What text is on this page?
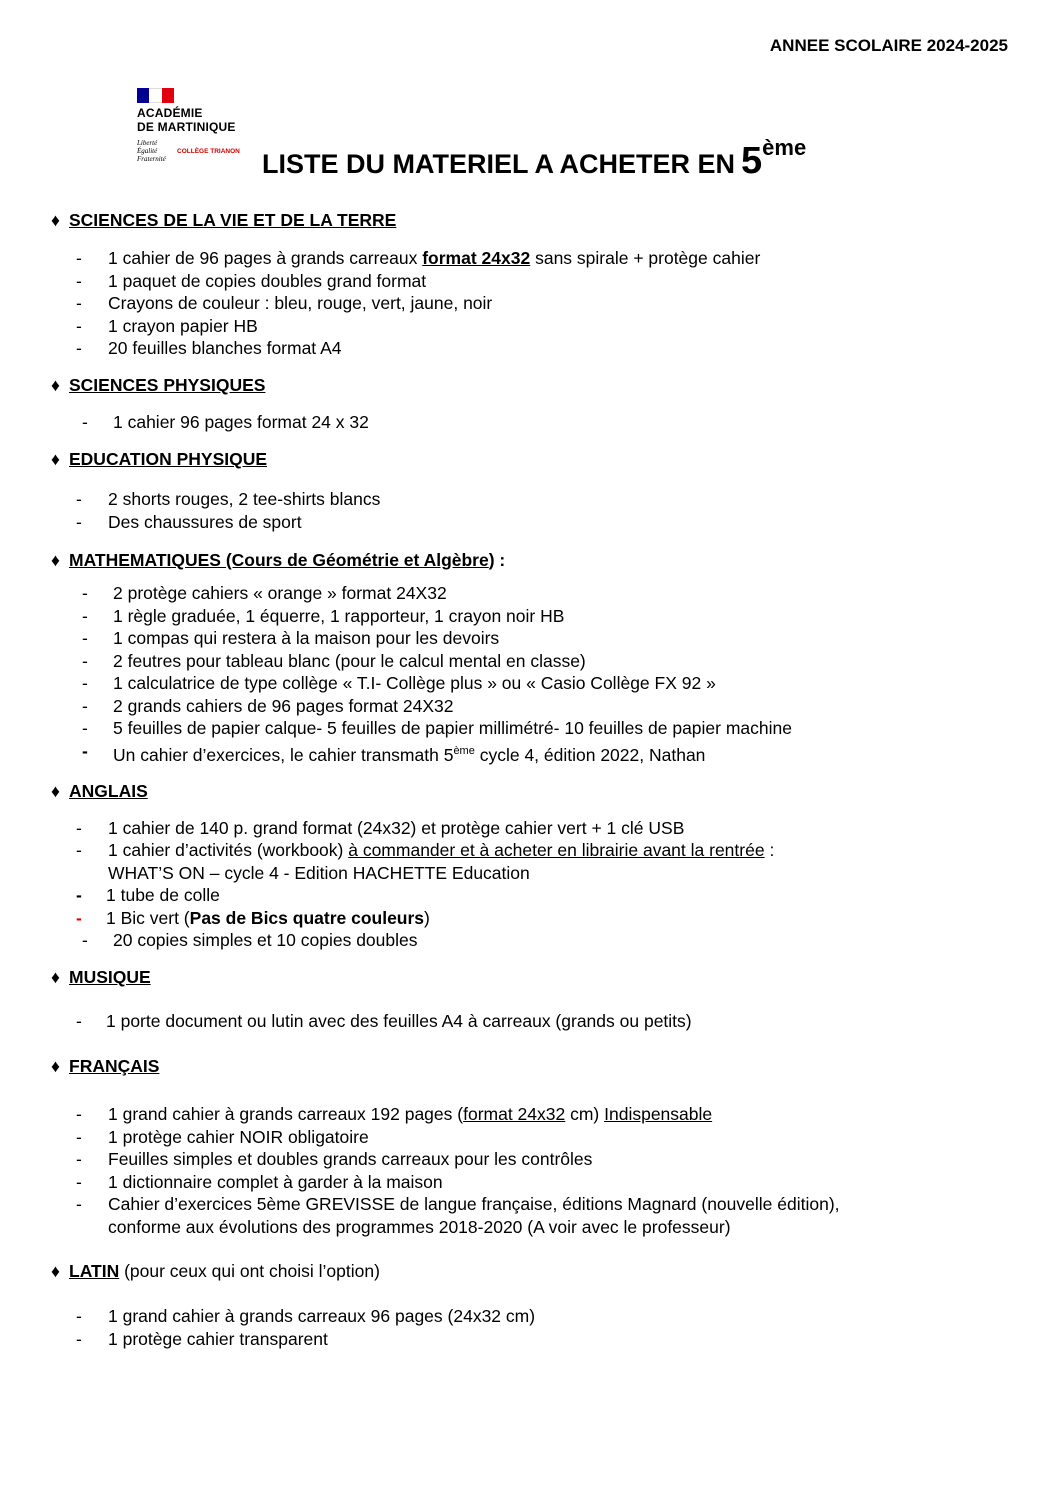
ANNEE SCOLAIRE 2024-2025
ACADÉMIE
DE MARTINIQUE
Liberté
Égalité
Fraternité
COLLÈGE TRIANON LISTE DU MATERIEL A ACHETER EN 5ème
♦ SCIENCES DE LA VIE ET DE LA TERRE
- 1 cahier de 96 pages à grands carreaux format 24x32 sans spirale + protège cahier
- 1 paquet de copies doubles grand format
- Crayons de couleur : bleu, rouge, vert, jaune, noir
- 1 crayon papier HB
- 20 feuilles blanches format A4
♦ SCIENCES PHYSIQUES
- 1 cahier 96 pages format 24 x 32
♦ EDUCATION PHYSIQUE
- 2 shorts rouges, 2 tee-shirts blancs
- Des chaussures de sport
♦ MATHEMATIQUES (Cours de Géométrie et Algèbre) :
- 2 protège cahiers « orange » format 24X32
- 1 règle graduée, 1 équerre, 1 rapporteur, 1 crayon noir HB
- 1 compas qui restera à la maison pour les devoirs
- 2 feutres pour tableau blanc (pour le calcul mental en classe)
- 1 calculatrice de type collège « T.I- Collège plus » ou « Casio Collège FX 92 »
- 2 grands cahiers de 96 pages format 24X32
- 5 feuilles de papier calque- 5 feuilles de papier millimétré- 10 feuilles de papier machine
- Un cahier d’exercices, le cahier transmath 5ème cycle 4, édition 2022, Nathan
♦ ANGLAIS
- 1 cahier de 140 p. grand format (24x32) et protège cahier vert + 1 clé USB
- 1 cahier d’activités (workbook) à commander et à acheter en librairie avant la rentrée :
WHAT’S ON – cycle 4 - Edition HACHETTE Education
- 1 tube de colle
- 1 Bic vert (Pas de Bics quatre couleurs)
- 20 copies simples et 10 copies doubles
♦ MUSIQUE
- 1 porte document ou lutin avec des feuilles A4 à carreaux (grands ou petits)
♦ FRANÇAIS
- 1 grand cahier à grands carreaux 192 pages (format 24x32 cm) Indispensable
- 1 protège cahier NOIR obligatoire
- Feuilles simples et doubles grands carreaux pour les contrôles
- 1 dictionnaire complet à garder à la maison
- Cahier d’exercices 5ème GREVISSE de langue française, éditions Magnard (nouvelle édition),
conforme aux évolutions des programmes 2018-2020 (A voir avec le professeur)
♦ LATIN (pour ceux qui ont choisi l’option)
- 1 grand cahier à grands carreaux 96 pages (24x32 cm)
- 1 protège cahier transparent
